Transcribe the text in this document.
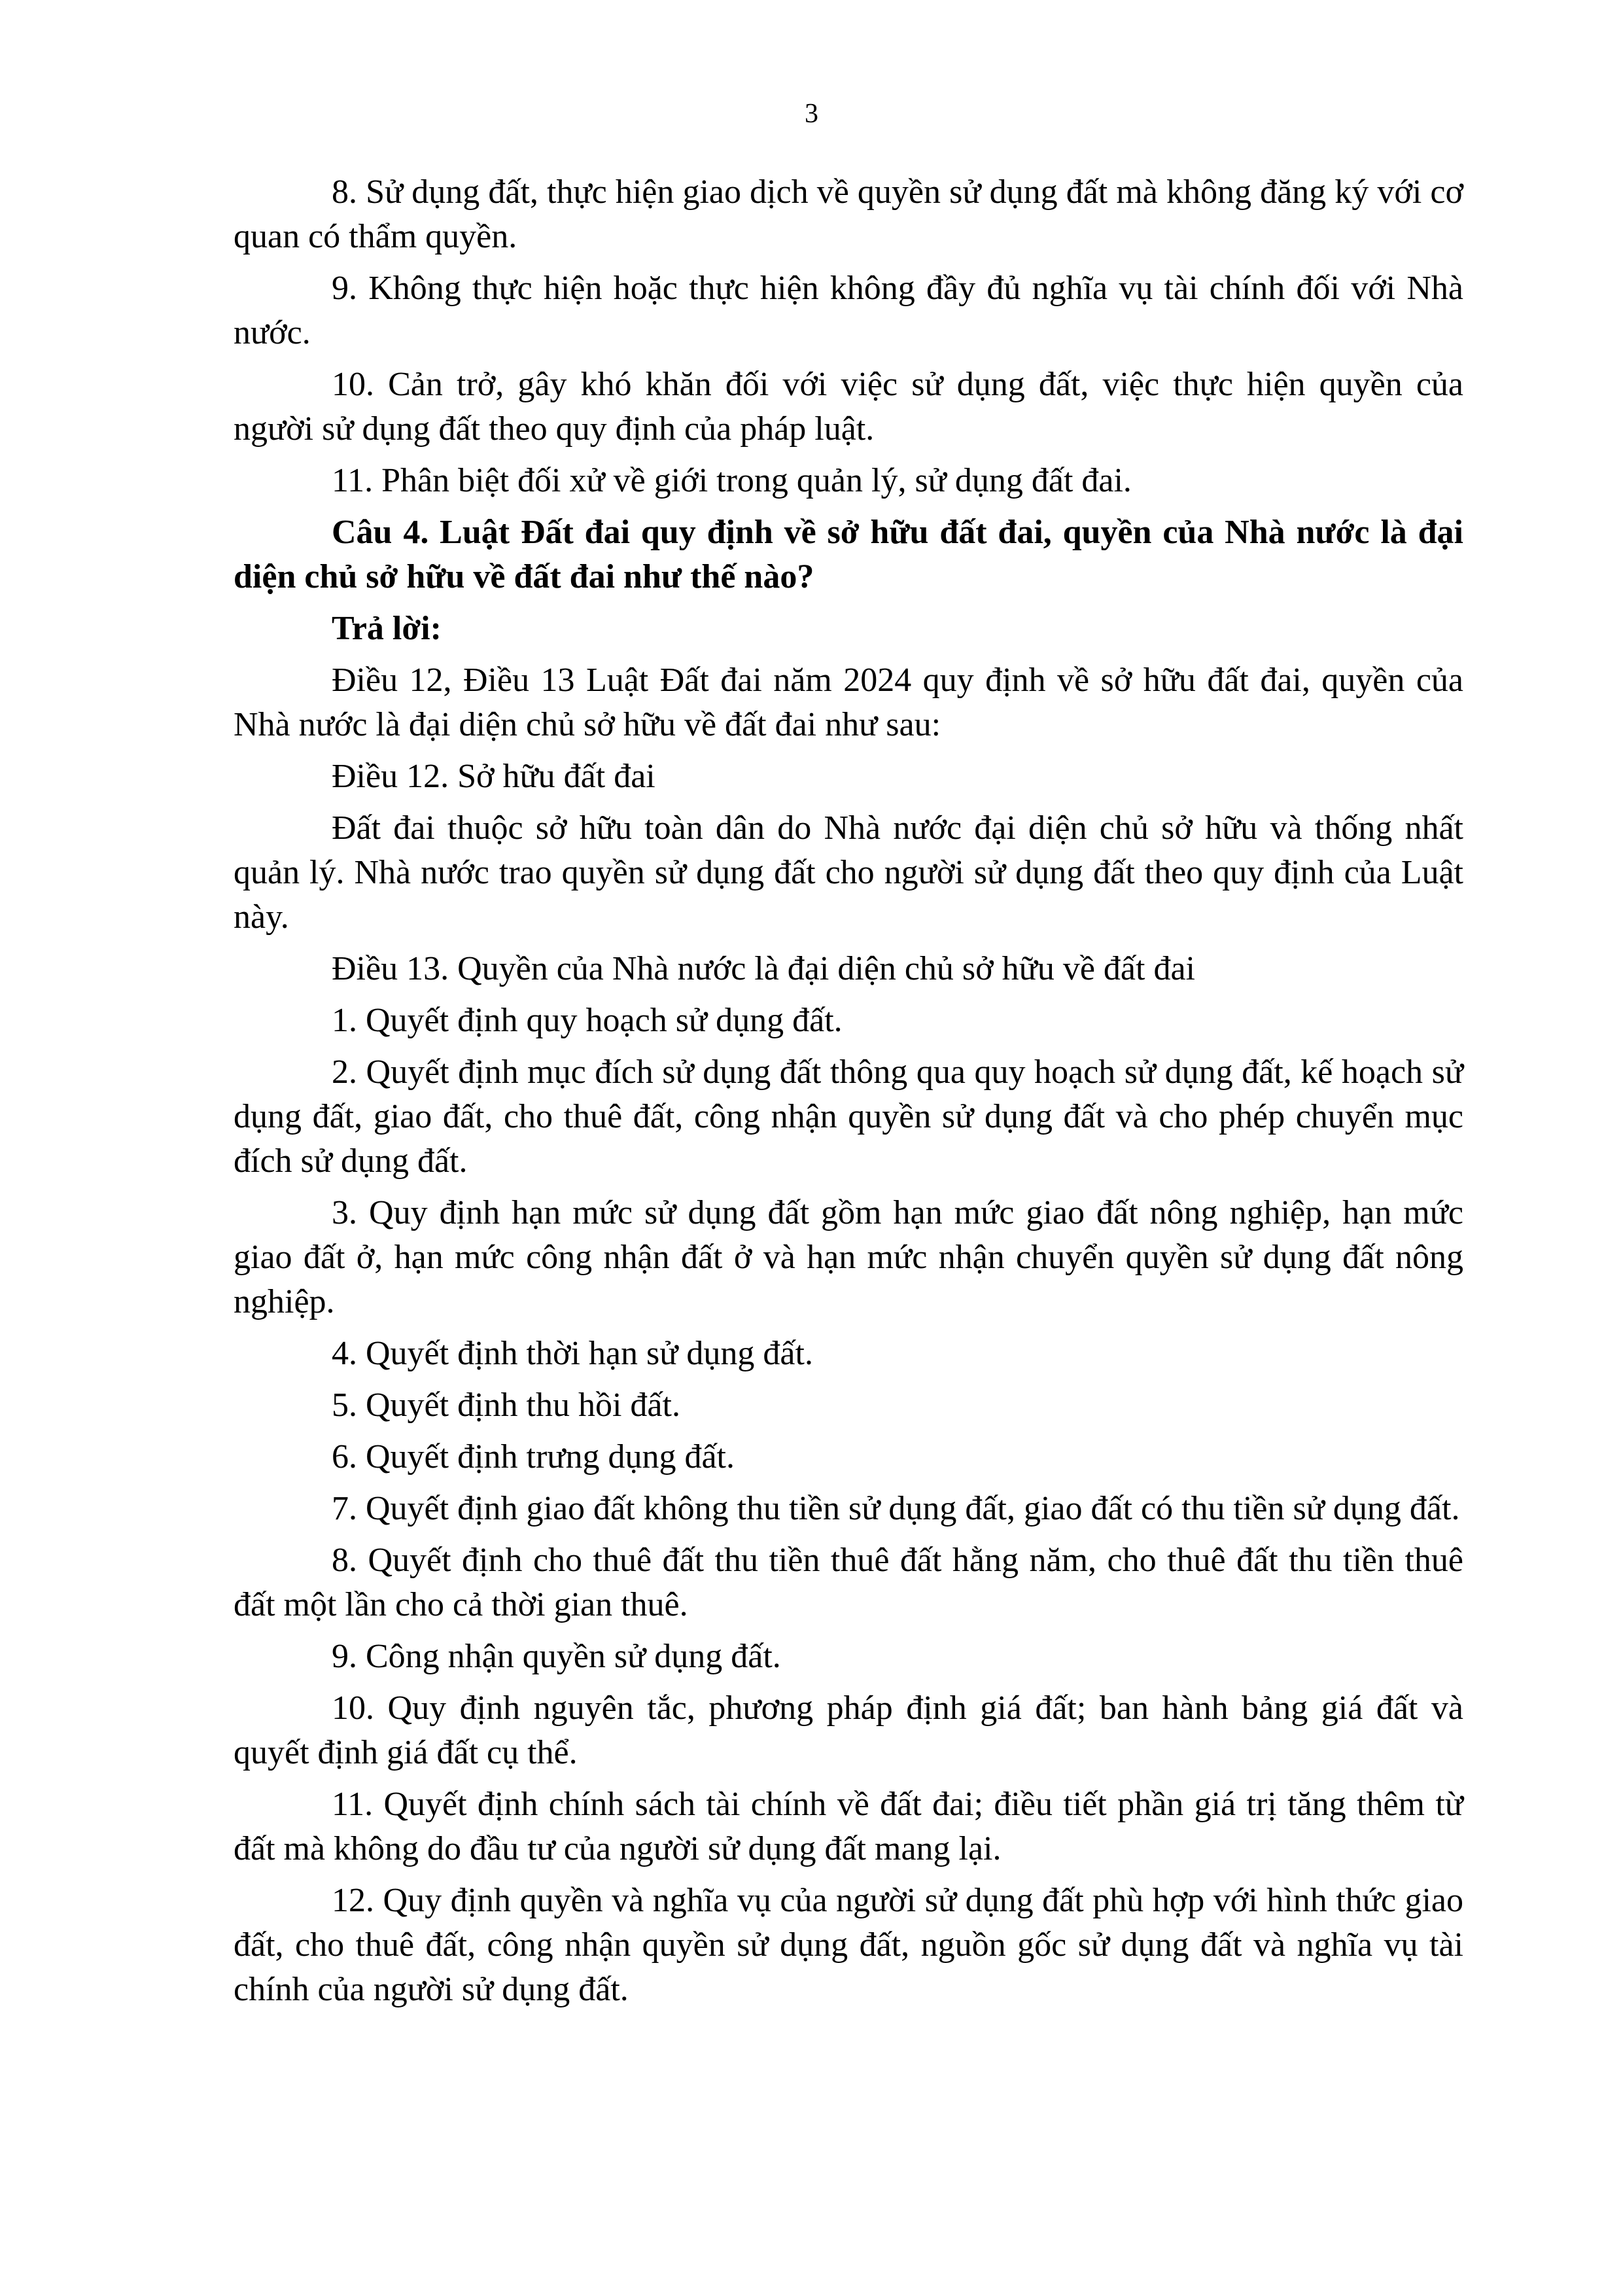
3

8. Sử dụng đất, thực hiện giao dịch về quyền sử dụng đất mà không đăng ký với cơ quan có thẩm quyền.

9. Không thực hiện hoặc thực hiện không đầy đủ nghĩa vụ tài chính đối với Nhà nước.

10. Cản trở, gây khó khăn đối với việc sử dụng đất, việc thực hiện quyền của người sử dụng đất theo quy định của pháp luật.

11. Phân biệt đối xử về giới trong quản lý, sử dụng đất đai.

Câu 4. Luật Đất đai quy định về sở hữu đất đai, quyền của Nhà nước là đại diện chủ sở hữu về đất đai như thế nào?

Trả lời:

Điều 12, Điều 13 Luật Đất đai năm 2024 quy định về sở hữu đất đai, quyền của Nhà nước là đại diện chủ sở hữu về đất đai như sau:

Điều 12. Sở hữu đất đai

Đất đai thuộc sở hữu toàn dân do Nhà nước đại diện chủ sở hữu và thống nhất quản lý. Nhà nước trao quyền sử dụng đất cho người sử dụng đất theo quy định của Luật này.

Điều 13. Quyền của Nhà nước là đại diện chủ sở hữu về đất đai

1. Quyết định quy hoạch sử dụng đất.

2. Quyết định mục đích sử dụng đất thông qua quy hoạch sử dụng đất, kế hoạch sử dụng đất, giao đất, cho thuê đất, công nhận quyền sử dụng đất và cho phép chuyển mục đích sử dụng đất.

3. Quy định hạn mức sử dụng đất gồm hạn mức giao đất nông nghiệp, hạn mức giao đất ở, hạn mức công nhận đất ở và hạn mức nhận chuyển quyền sử dụng đất nông nghiệp.

4. Quyết định thời hạn sử dụng đất.

5. Quyết định thu hồi đất.

6. Quyết định trưng dụng đất.

7. Quyết định giao đất không thu tiền sử dụng đất, giao đất có thu tiền sử dụng đất.

8. Quyết định cho thuê đất thu tiền thuê đất hằng năm, cho thuê đất thu tiền thuê đất một lần cho cả thời gian thuê.

9. Công nhận quyền sử dụng đất.

10. Quy định nguyên tắc, phương pháp định giá đất; ban hành bảng giá đất và quyết định giá đất cụ thể.

11. Quyết định chính sách tài chính về đất đai; điều tiết phần giá trị tăng thêm từ đất mà không do đầu tư của người sử dụng đất mang lại.

12. Quy định quyền và nghĩa vụ của người sử dụng đất phù hợp với hình thức giao đất, cho thuê đất, công nhận quyền sử dụng đất, nguồn gốc sử dụng đất và nghĩa vụ tài chính của người sử dụng đất.
